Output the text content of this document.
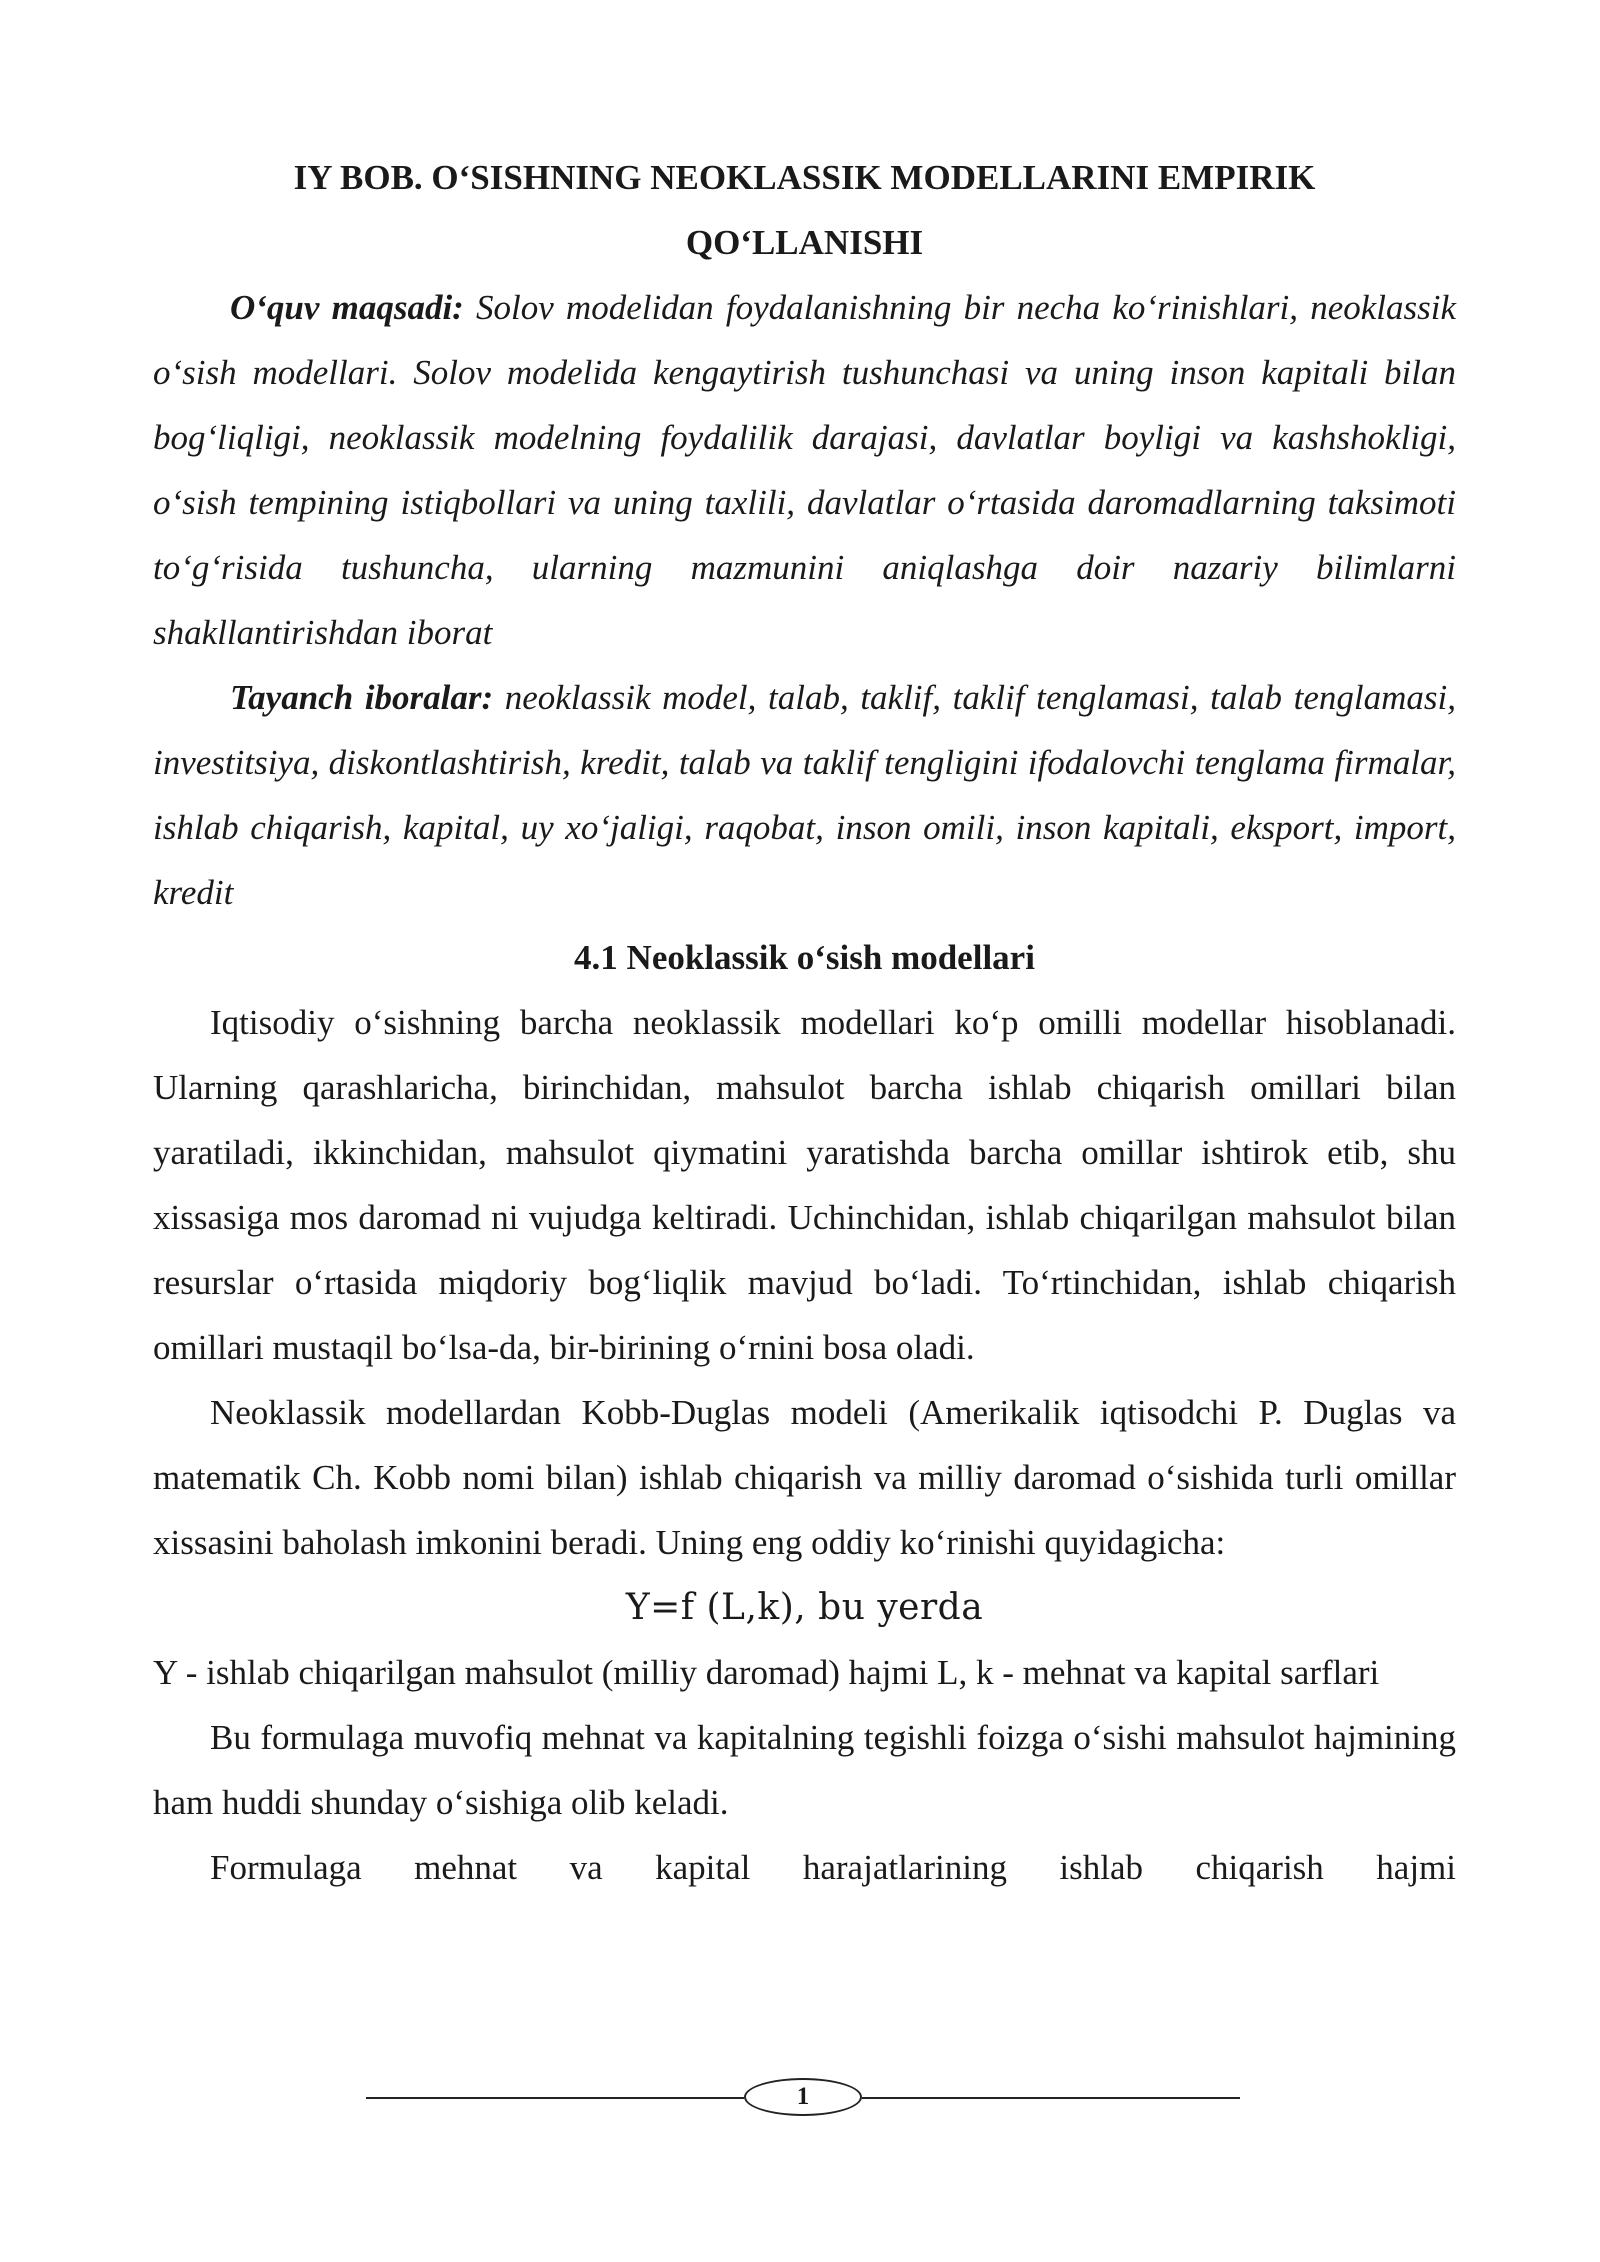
IY BOB. O‘SISHNING NEOKLASSIK MODELLARINI EMPIRIK

QO‘LLANISHI

O‘quv maqsadi: Solov modelidan foydalanishning bir necha ko‘rinishlari, neoklassik o‘sish modellari. Solov modelida kengaytirish tushunchasi va uning inson kapitali bilan bog‘liqligi, neoklassik modelning foydalilik darajasi, davlatlar boyligi va kashshokligi, o‘sish tempining istiqbollari va uning taxlili, davlatlar o‘rtasida daromadlarning taksimoti to‘g‘risida tushuncha, ularning mazmunini aniqlashga doir nazariy bilimlarni shakllantirishdan iborat

Tayanch iboralar: neoklassik model, talab, taklif, taklif tenglamasi, talab tenglamasi, investitsiya, diskontlashtirish, kredit, talab va taklif tengligini ifodalovchi tenglama firmalar, ishlab chiqarish, kapital, uy xo‘jaligi, raqobat, inson omili, inson kapitali, eksport, import, kredit

4.1 Neoklassik o‘sish modellari

Iqtisodiy o‘sishning barcha neoklassik modellari ko‘p omilli modellar hisoblanadi. Ularning qarashlaricha, birinchidan, mahsulot barcha ishlab chiqarish omillari bilan yaratiladi, ikkinchidan, mahsulot qiymatini yaratishda barcha omillar ishtirok etib, shu xissasiga mos daromad ni vujudga keltiradi. Uchinchidan, ishlab chiqarilgan mahsulot bilan resurslar o‘rtasida miqdoriy bog‘liqlik mavjud bo‘ladi. To‘rtinchidan, ishlab chiqarish omillari mustaqil bo‘lsa-da, bir-birining o‘rnini bosa oladi.

Neoklassik modellardan Kobb-Duglas modeli (Amerikalik iqtisodchi P. Duglas va matematik Ch. Kobb nomi bilan) ishlab chiqarish va milliy daromad o‘sishida turli omillar xissasini baholash imkonini beradi. Uning eng oddiy ko‘rinishi quyidagicha:

Y=f (L,k), bu yerda

Y - ishlab chiqarilgan mahsulot (milliy daromad) hajmi L, k - mehnat va kapital sarflari

Bu formulaga muvofiq mehnat va kapitalning tegishli foizga o‘sishi mahsulot hajmining ham huddi shunday o‘sishiga olib keladi.

Formulaga mehnat va kapital harajatlarining ishlab chiqarish hajmi

1
